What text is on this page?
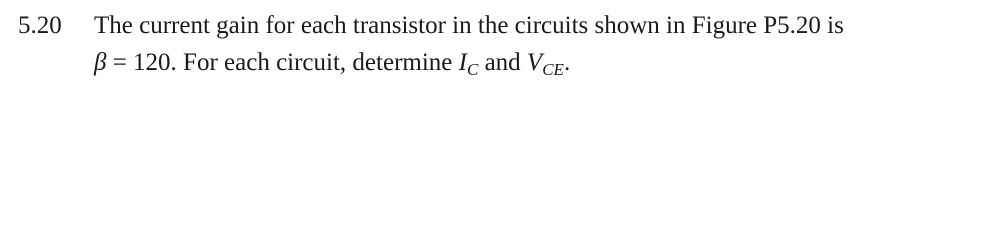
5.20 The current gain for each transistor in the circuits shown in Figure P5.20 is
β = 120. For each circuit, determine $I_C$ and $V_{CE}$.
